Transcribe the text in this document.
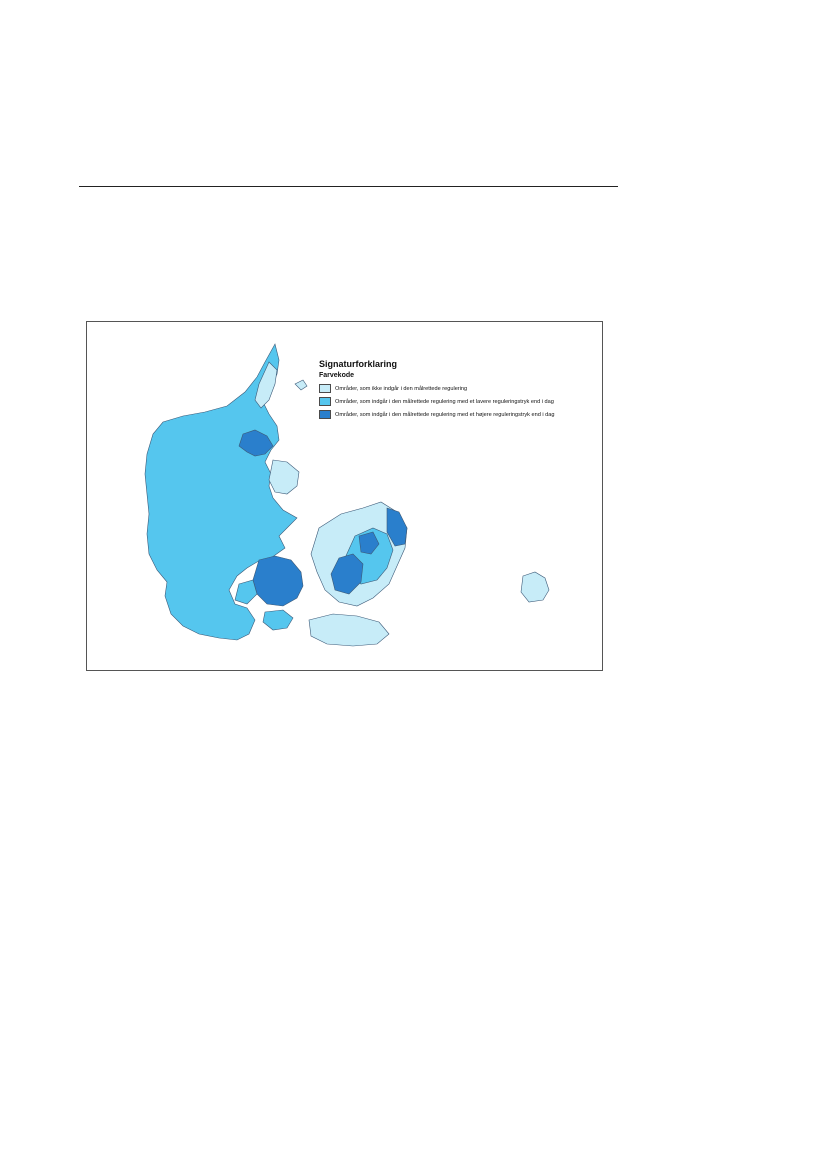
Signaturforklaring
Farvekode
Områder, som ikke indgår i den målrettede regulering
Områder, som indgår i den målrettede regulering med et lavere reguleringstryk end i dag
Områder, som indgår i den målrettede regulering med et højere reguleringstryk end i dag
